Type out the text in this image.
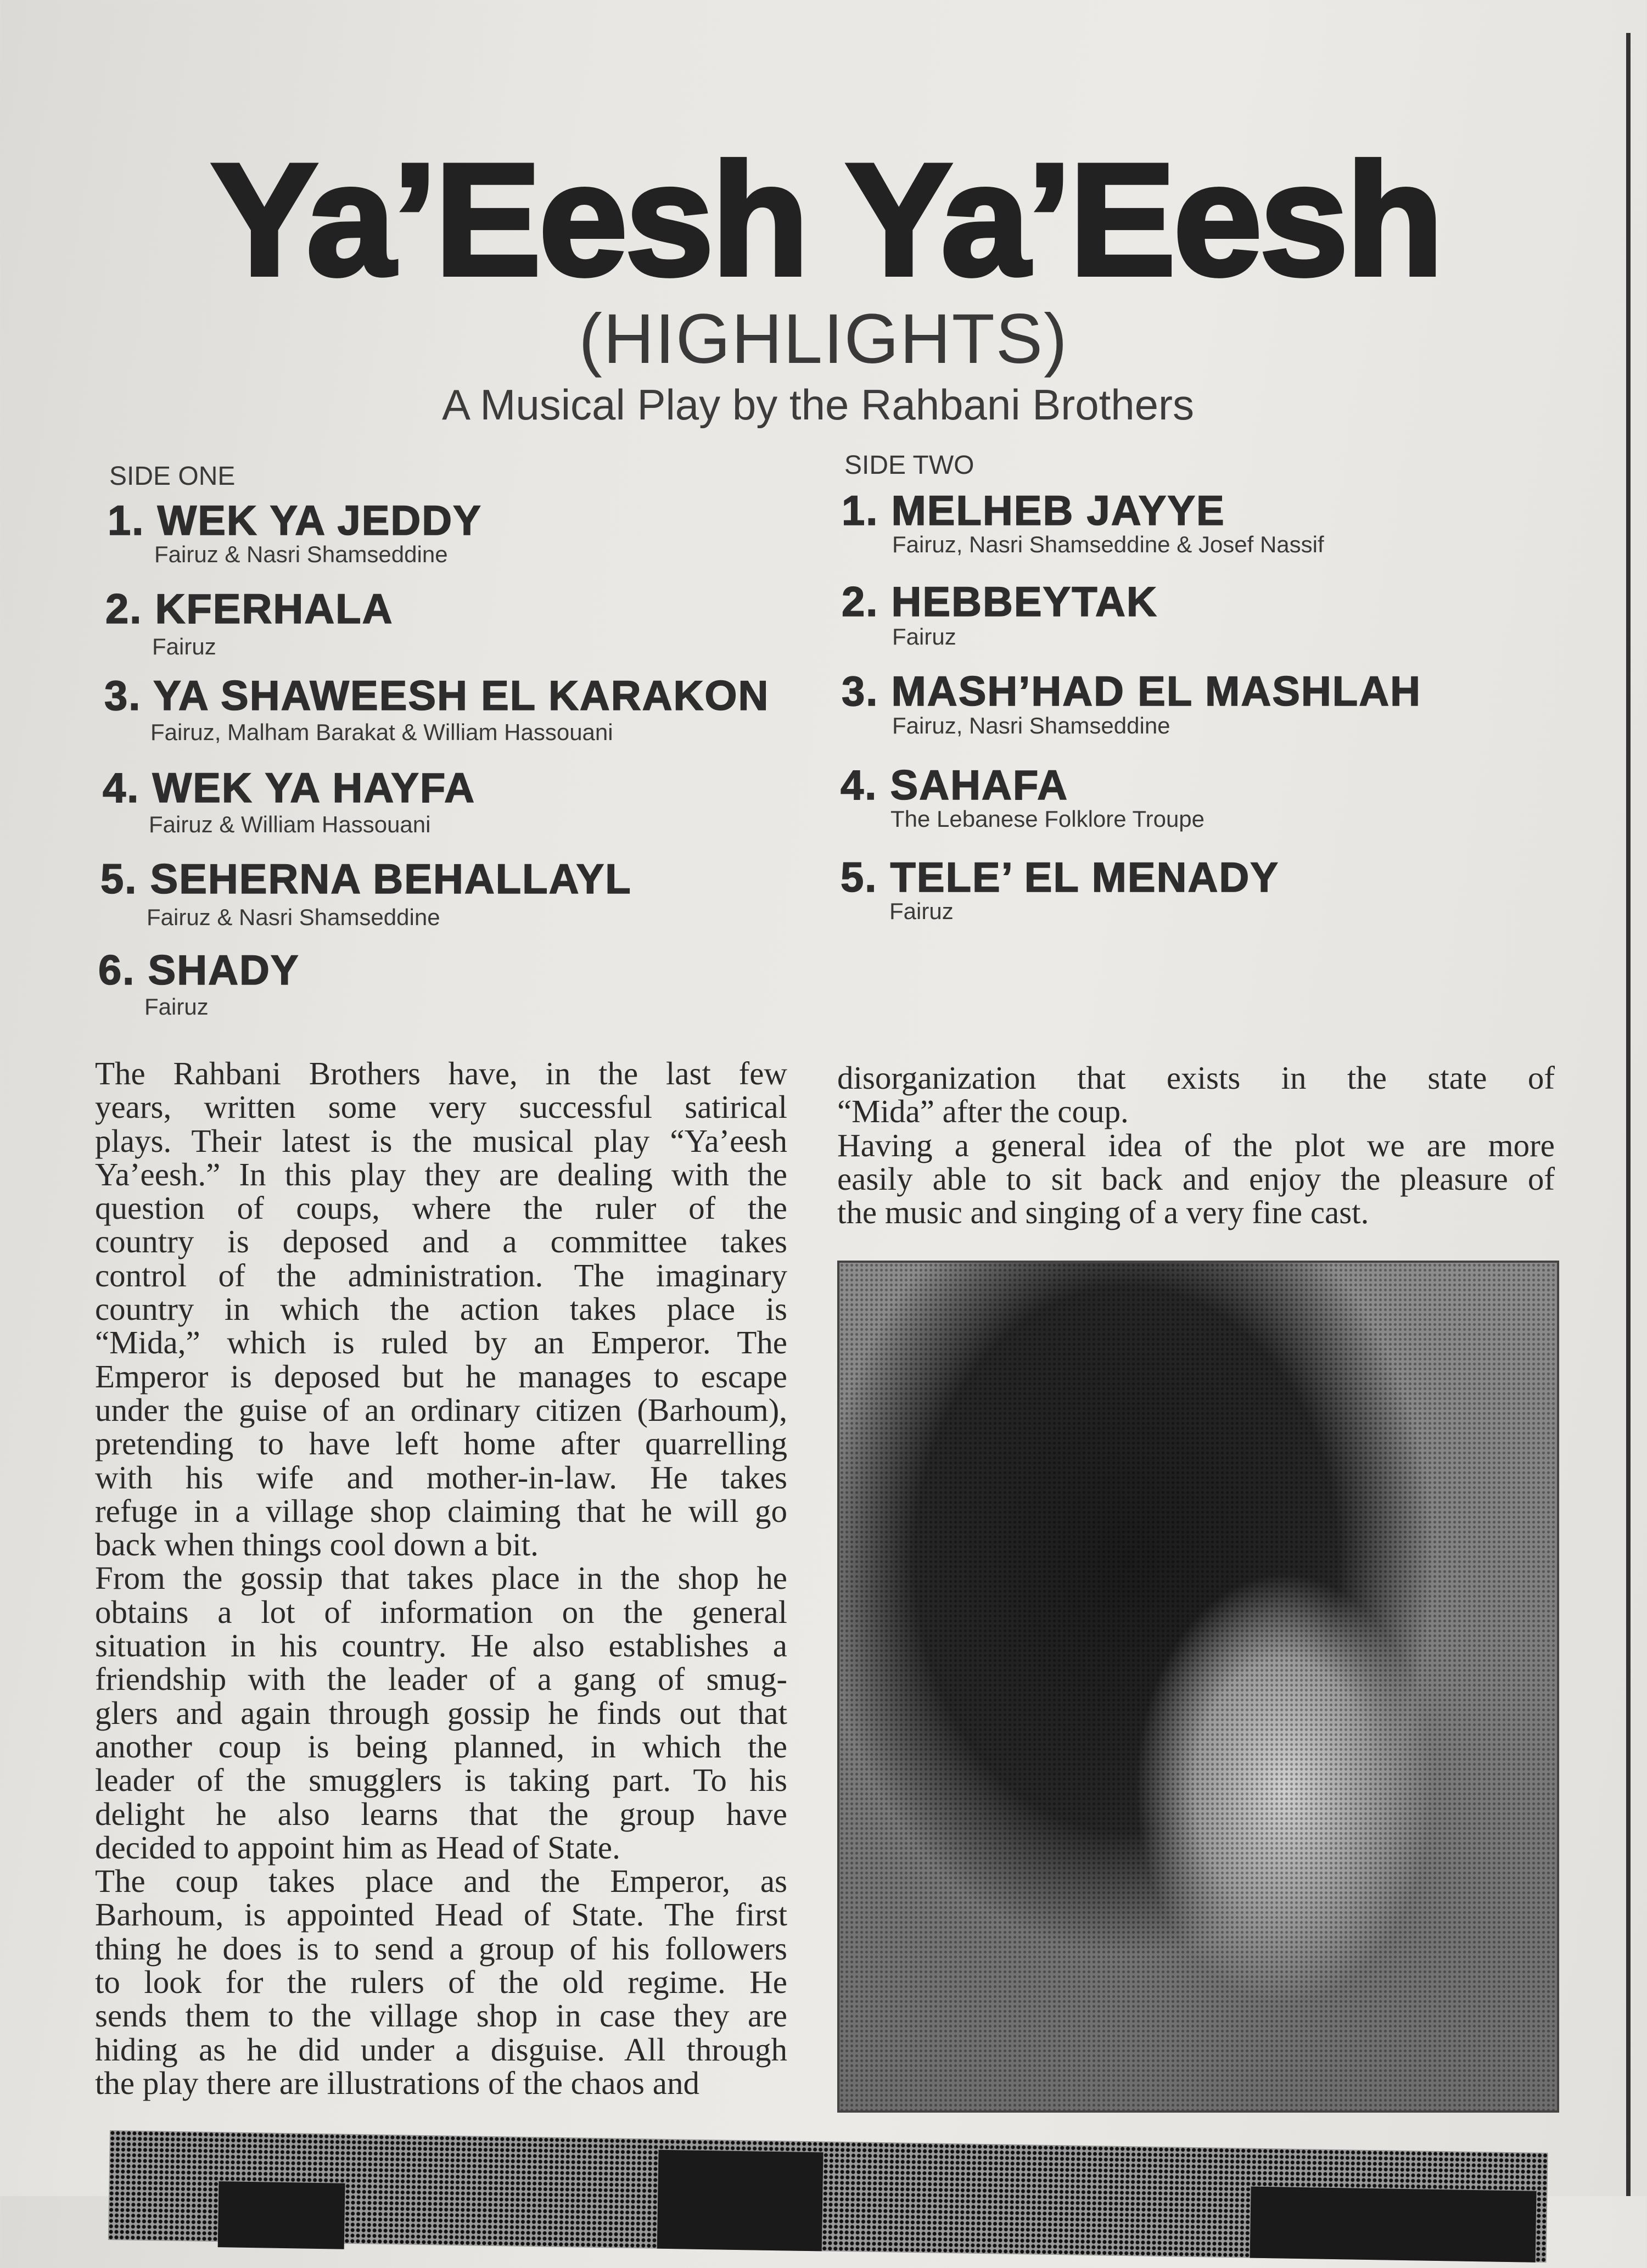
Ya’Eesh Ya’Eesh
(HIGHLIGHTS)
A Musical Play by the Rahbani Brothers
SIDE ONE	SIDE TWO
1. WEK YA JEDDY
Fairuz & Nasri Shamseddine
2. KFERHALA
Fairuz
3. YA SHAWEESH EL KARAKON
Fairuz, Malham Barakat & William Hassouani
4. WEK YA HAYFA
Fairuz & William Hassouani
5. SEHERNA BEHALLAYL
Fairuz & Nasri Shamseddine
6. SHADY
Fairuz
1. MELHEB JAYYE
Fairuz, Nasri Shamseddine & Josef Nassif
2. HEBBEYTAK
Fairuz
3. MASH’HAD EL MASHLAH
Fairuz, Nasri Shamseddine
4. SAHAFA
The Lebanese Folklore Troupe
5. TELE’ EL MENADY
Fairuz
The Rahbani Brothers have, in the last few
years, written some very successful satirical
plays. Their latest is the musical play “Ya’eesh
Ya’eesh.” In this play they are dealing with the
question of coups, where the ruler of the
country is deposed and a committee takes
control of the administration. The imaginary
country in which the action takes place is
“Mida,” which is ruled by an Emperor. The
Emperor is deposed but he manages to escape
under the guise of an ordinary citizen (Barhoum),
pretending to have left home after quarrelling
with his wife and mother-in-law. He takes
refuge in a village shop claiming that he will go
back when things cool down a bit.
From the gossip that takes place in the shop he
obtains a lot of information on the general
situation in his country. He also establishes a
friendship with the leader of a gang of smug-
glers and again through gossip he finds out that
another coup is being planned, in which the
leader of the smugglers is taking part. To his
delight he also learns that the group have
decided to appoint him as Head of State.
The coup takes place and the Emperor, as
Barhoum, is appointed Head of State. The first
thing he does is to send a group of his followers
to look for the rulers of the old regime. He
sends them to the village shop in case they are
hiding as he did under a disguise. All through
the play there are illustrations of the chaos and
disorganization that exists in the state of
“Mida” after the coup.
Having a general idea of the plot we are more
easily able to sit back and enjoy the pleasure of
the music and singing of a very fine cast.
